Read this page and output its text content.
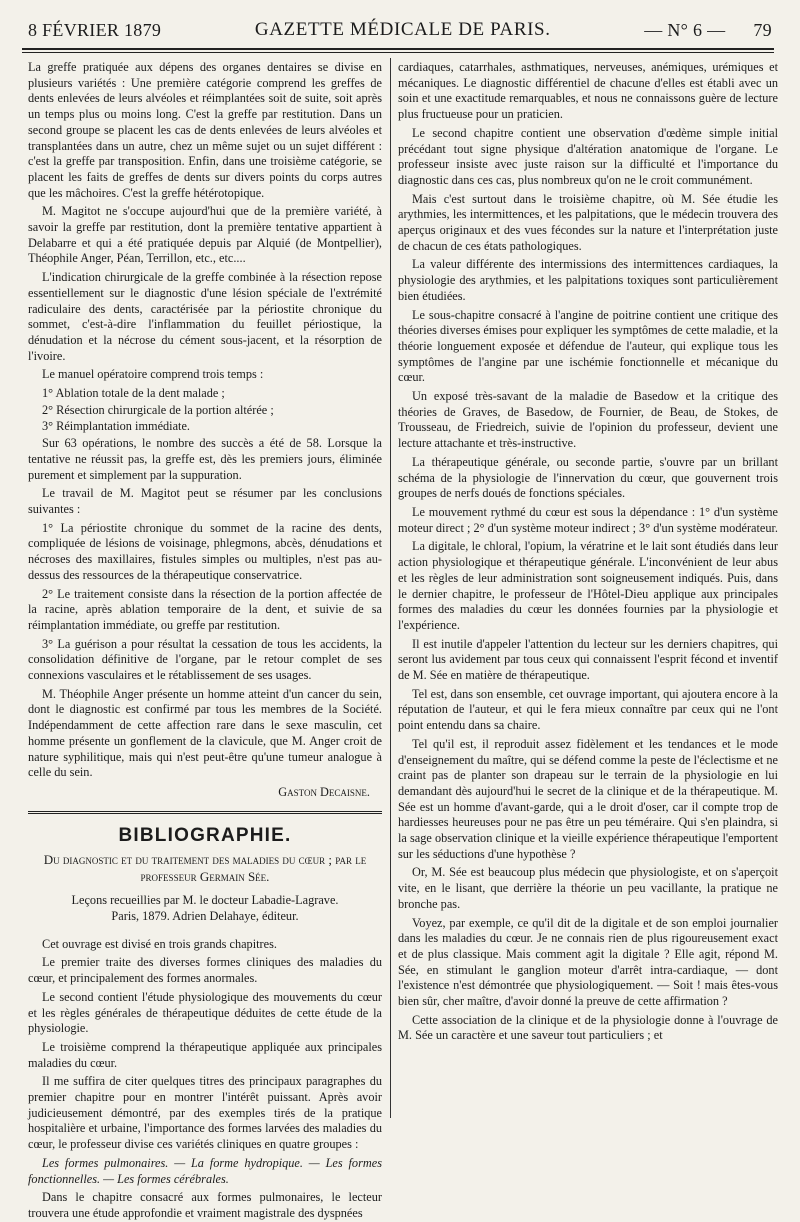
8 FÉVRIER 1879	GAZETTE MÉDICALE DE PARIS.	— N° 6 — 79

La greffe pratiquée aux dépens des organes dentaires se divise en plusieurs variétés : Une première catégorie comprend les greffes de dents enlevées de leurs alvéoles et réimplantées soit de suite, soit après un temps plus ou moins long. C'est la greffe par restitution. Dans un second groupe se placent les cas de dents enlevées de leurs alvéoles et transplantées dans un autre, chez un même sujet ou un sujet différent : c'est la greffe par transposition. Enfin, dans une troisième catégorie, se placent les faits de greffes de dents sur divers points du corps autres que les mâchoires. C'est la greffe hétérotopique.

M. Magitot ne s'occupe aujourd'hui que de la première variété, à savoir la greffe par restitution, dont la première tentative appartient à Delabarre et qui a été pratiquée depuis par Alquié (de Montpellier), Théophile Anger, Péan, Terrillon, etc., etc....

L'indication chirurgicale de la greffe combinée à la résection repose essentiellement sur le diagnostic d'une lésion spéciale de l'extrémité radiculaire des dents, caractérisée par la périostite chronique du sommet, c'est-à-dire l'inflammation du feuillet périostique, la dénudation et la nécrose du cément sous-jacent, et la résorption de l'ivoire.

Le manuel opératoire comprend trois temps :

1° Ablation totale de la dent malade ;

2° Résection chirurgicale de la portion altérée ;

3° Réimplantation immédiate.

Sur 63 opérations, le nombre des succès a été de 58. Lorsque la tentative ne réussit pas, la greffe est, dès les premiers jours, éliminée purement et simplement par la suppuration.

Le travail de M. Magitot peut se résumer par les conclusions suivantes :

1° La périostite chronique du sommet de la racine des dents, compliquée de lésions de voisinage, phlegmons, abcès, dénudations et nécroses des maxillaires, fistules simples ou multiples, n'est pas au-dessus des ressources de la thérapeutique conservatrice.

2° Le traitement consiste dans la résection de la portion affectée de la racine, après ablation temporaire de la dent, et suivie de sa réimplantation immédiate, ou greffe par restitution.

3° La guérison a pour résultat la cessation de tous les accidents, la consolidation définitive de l'organe, par le retour complet de ses connexions vasculaires et le rétablissement de ses usages.

M. Théophile Anger présente un homme atteint d'un cancer du sein, dont le diagnostic est confirmé par tous les membres de la Société. Indépendamment de cette affection rare dans le sexe masculin, cet homme présente un gonflement de la clavicule, que M. Anger croit de nature syphilitique, mais qui n'est peut-être qu'une tumeur analogue à celle du sein.

Gaston Decaisne.

BIBLIOGRAPHIE.
Du diagnostic et du traitement des maladies du cœur ; par le professeur Germain Sée.
Leçons recueillies par M. le docteur Labadie-Lagrave.
Paris, 1879. Adrien Delahaye, éditeur.

Cet ouvrage est divisé en trois grands chapitres.

Le premier traite des diverses formes cliniques des maladies du cœur, et principalement des formes anormales.

Le second contient l'étude physiologique des mouvements du cœur et les règles générales de thérapeutique déduites de cette étude de la physiologie.

Le troisième comprend la thérapeutique appliquée aux principales maladies du cœur.

Il me suffira de citer quelques titres des principaux paragraphes du premier chapitre pour en montrer l'intérêt puissant. Après avoir judicieusement démontré, par des exemples tirés de la pratique hospitalière et urbaine, l'importance des formes larvées des maladies du cœur, le professeur divise ces variétés cliniques en quatre groupes :

Les formes pulmonaires. — La forme hydropique. — Les formes fonctionnelles. — Les formes cérébrales.

Dans le chapitre consacré aux formes pulmonaires, le lecteur trouvera une étude approfondie et vraiment magistrale des dyspnées

cardiaques, catarrhales, asthmatiques, nerveuses, anémiques, urémiques et mécaniques. Le diagnostic différentiel de chacune d'elles est établi avec un soin et une exactitude remarquables, et nous ne connaissons guère de lecture plus fructueuse pour un praticien.

Le second chapitre contient une observation d'œdème simple initial précédant tout signe physique d'altération anatomique de l'organe. Le professeur insiste avec juste raison sur la difficulté et l'importance du diagnostic dans ces cas, plus nombreux qu'on ne le croit communément.

Mais c'est surtout dans le troisième chapitre, où M. Sée étudie les arythmies, les intermittences, et les palpitations, que le médecin trouvera des aperçus originaux et des vues fécondes sur la nature et l'interprétation juste de chacun de ces états pathologiques.

La valeur différente des intermissions des intermittences cardiaques, la physiologie des arythmies, et les palpitations toxiques sont particulièrement bien étudiées.

Le sous-chapitre consacré à l'angine de poitrine contient une critique des théories diverses émises pour expliquer les symptômes de cette maladie, et la théorie longuement exposée et défendue de l'auteur, qui explique tous les symptômes de l'angine par une ischémie fonctionnelle et mécanique du cœur.

Un exposé très-savant de la maladie de Basedow et la critique des théories de Graves, de Basedow, de Fournier, de Beau, de Stokes, de Trousseau, de Friedreich, suivie de l'opinion du professeur, devient une lecture attachante et très-instructive.

La thérapeutique générale, ou seconde partie, s'ouvre par un brillant schéma de la physiologie de l'innervation du cœur, que gouvernent trois groupes de nerfs doués de fonctions spéciales.

Le mouvement rythmé du cœur est sous la dépendance : 1° d'un système moteur direct ; 2° d'un système moteur indirect ; 3° d'un système modérateur.

La digitale, le chloral, l'opium, la vératrine et le lait sont étudiés dans leur action physiologique et thérapeutique générale. L'inconvénient de leur abus et les règles de leur administration sont soigneusement indiqués. Puis, dans le dernier chapitre, le professeur de l'Hôtel-Dieu applique aux principales formes des maladies du cœur les données fournies par la physiologie et l'expérience.

Il est inutile d'appeler l'attention du lecteur sur les derniers chapitres, qui seront lus avidement par tous ceux qui connaissent l'esprit fécond et inventif de M. Sée en matière de thérapeutique.

Tel est, dans son ensemble, cet ouvrage important, qui ajoutera encore à la réputation de l'auteur, et qui le fera mieux connaître par ceux qui ne l'ont point entendu dans sa chaire.

Tel qu'il est, il reproduit assez fidèlement et les tendances et le mode d'enseignement du maître, qui se défend comme la peste de l'éclectisme et ne craint pas de planter son drapeau sur le terrain de la physiologie en lui demandant dès aujourd'hui le secret de la clinique et de la thérapeutique. M. Sée est un homme d'avant-garde, qui a le droit d'oser, car il compte trop de hardiesses heureuses pour ne pas être un peu téméraire. Qui s'en plaindra, si la sage observation clinique et la vieille expérience thérapeutique l'emportent sur les séductions d'une hypothèse ?

Or, M. Sée est beaucoup plus médecin que physiologiste, et on s'aperçoit vite, en le lisant, que derrière la théorie un peu vacillante, la pratique ne bronche pas.

Voyez, par exemple, ce qu'il dit de la digitale et de son emploi journalier dans les maladies du cœur. Je ne connais rien de plus rigoureusement exact et de plus classique. Mais comment agit la digitale ? Elle agit, répond M. Sée, en stimulant le ganglion moteur d'arrêt intra-cardiaque, — dont l'existence n'est démontrée que physiologiquement. — Soit ! mais êtes-vous bien sûr, cher maître, d'avoir donné la preuve de cette affirmation ?

Cette association de la clinique et de la physiologie donne à l'ouvrage de M. Sée un caractère et une saveur tout particuliers ; et
